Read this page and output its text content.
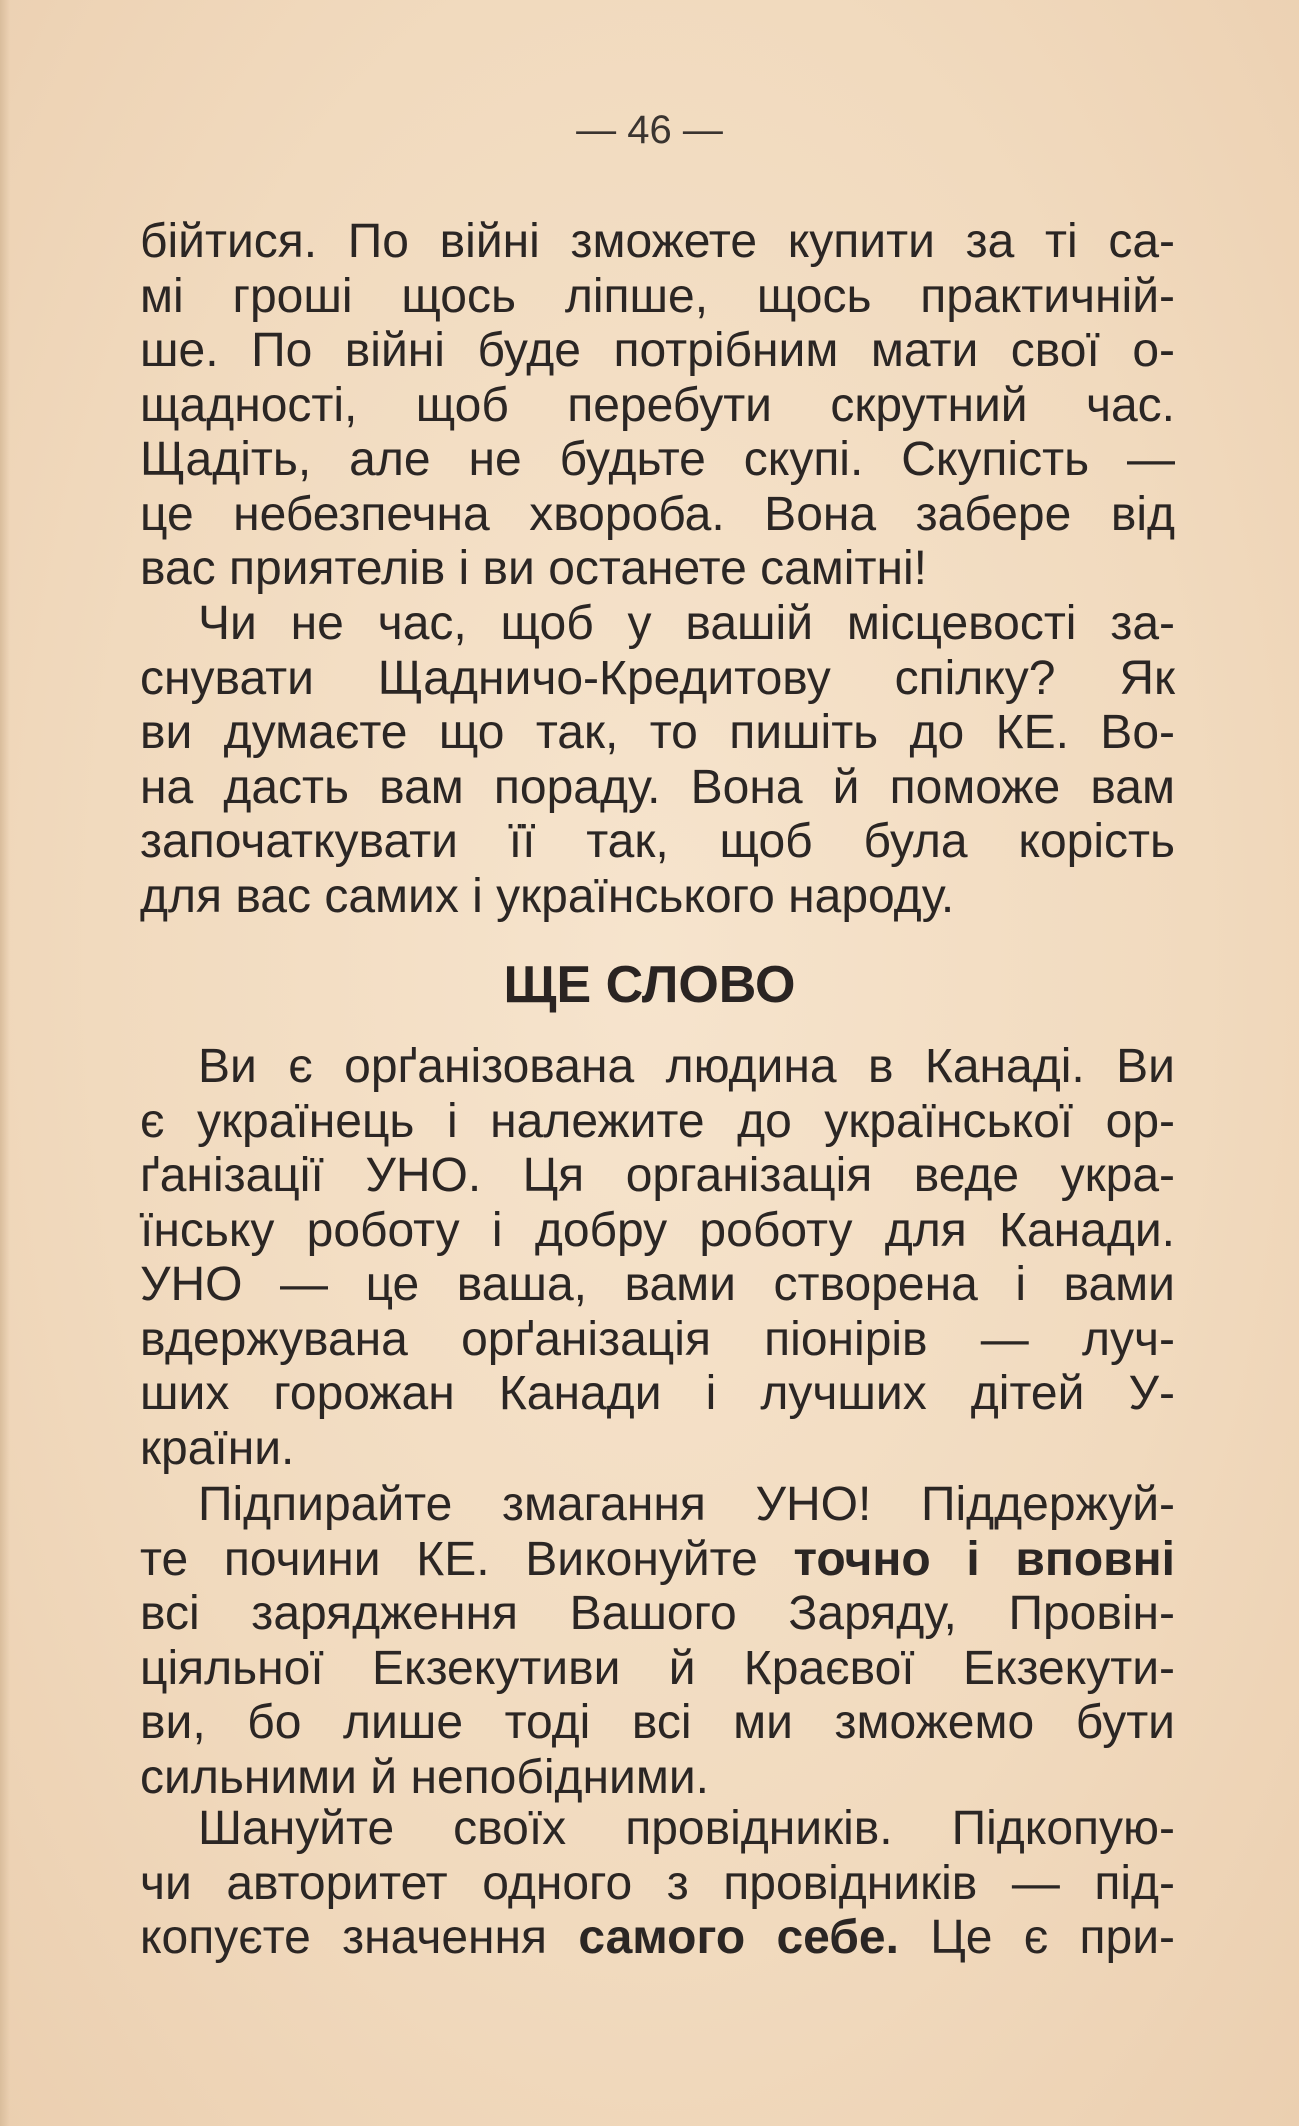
— 46 —
бійтися. По війні зможете купити за ті са-
мі гроші щось ліпше, щось практичній-
ше. По війні буде потрібним мати свої о-
щадності, щоб перебути скрутний час.
Щадіть, але не будьте скупі. Скупість —
це небезпечна хвороба. Вона забере від
вас приятелів і ви останете самітні!
Чи не час, щоб у вашій місцевості за-
снувати Щадничо-Кредитову спілку? Як
ви думаєте що так, то пишіть до КЕ. Во-
на дасть вам пораду. Вона й поможе вам
започаткувати її так, щоб була корість
для вас самих і українського народу.
ЩЕ СЛОВО
Ви є орґанізована людина в Канаді. Ви
є українець і належите до української ор-
ґанізації УНО. Ця організація веде укра-
їнську роботу і добру роботу для Канади.
УНО — це ваша, вами створена і вами
вдержувана орґанізація піонірів — луч-
ших горожан Канади і лучших дітей У-
країни.
Підпирайте змагання УНО! Піддержуй-
те почини КЕ. Виконуйте точно і вповні
всі зарядження Вашого Заряду, Провін-
ціяльної Екзекутиви й Краєвої Екзекути-
ви, бо лише тоді всі ми зможемо бути
сильними й непобідними.
Шануйте своїх провідників. Підкопую-
чи авторитет одного з провідників — під-
копуєте значення самого себе. Це є при-
